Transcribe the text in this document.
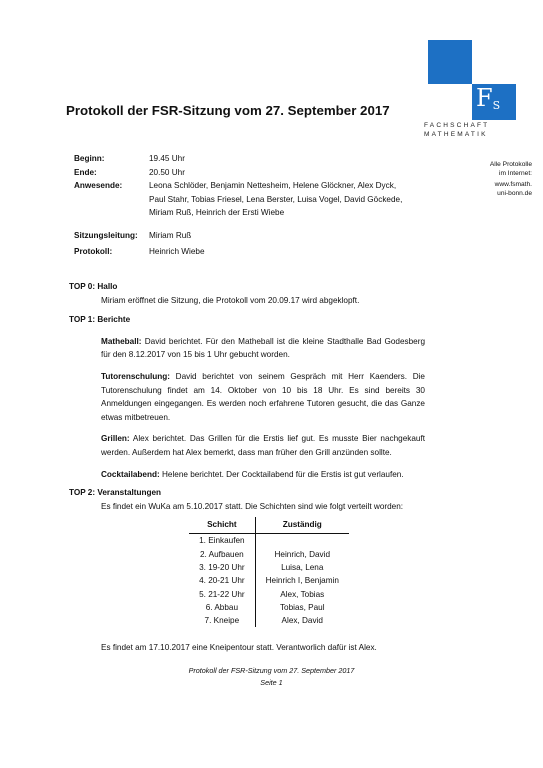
$F_S$
FACHSCHAFT
MATHEMATIK
Protokoll der FSR-Sitzung vom 27. September 2017
Alle Protokolle
im Internet:
www.fsmath.
uni-bonn.de
Beginn:	19.45 Uhr
Ende:	20.50 Uhr
Anwesende:	Leona Schlöder, Benjamin Nettesheim, Helene Glöckner, Alex Dyck, Paul Stahr, Tobias Friesel, Lena Berster, Luisa Vogel, David Göckede, Miriam Ruß, Heinrich der Ersti Wiebe
Sitzungsleitung:	Miriam Ruß
Protokoll:	Heinrich Wiebe
TOP 0: Hallo
Miriam eröffnet die Sitzung, die Protokoll vom 20.09.17 wird abgeklopft.
TOP 1: Berichte
Matheball: David berichtet. Für den Matheball ist die kleine Stadthalle Bad Godesberg für den 8.12.2017 von 15 bis 1 Uhr gebucht worden.
Tutorenschulung: David berichtet von seinem Gespräch mit Herr Kaenders. Die Tutorenschulung findet am 14. Oktober von 10 bis 18 Uhr. Es sind bereits 30 Anmeldungen eingegangen. Es werden noch erfahrene Tutoren gesucht, die das Ganze etwas mitbetreuen.
Grillen: Alex berichtet. Das Grillen für die Erstis lief gut. Es musste Bier nachgekauft werden. Außerdem hat Alex bemerkt, dass man früher den Grill anzünden sollte.
Cocktailabend: Helene berichtet. Der Cocktailabend für die Erstis ist gut verlaufen.
TOP 2: Veranstaltungen
Es findet ein WuKa am 5.10.2017 statt. Die Schichten sind wie folgt verteilt worden:
Schicht	Zuständig
1. Einkaufen	
2. Aufbauen	Heinrich, David
3. 19-20 Uhr	Luisa, Lena
4. 20-21 Uhr	Heinrich I, Benjamin
5. 21-22 Uhr	Alex, Tobias
6. Abbau	Tobias, Paul
7. Kneipe	Alex, David
Es findet am 17.10.2017 eine Kneipentour statt. Verantworlich dafür ist Alex.
Protokoll der FSR-Sitzung vom 27. September 2017
Seite 1
